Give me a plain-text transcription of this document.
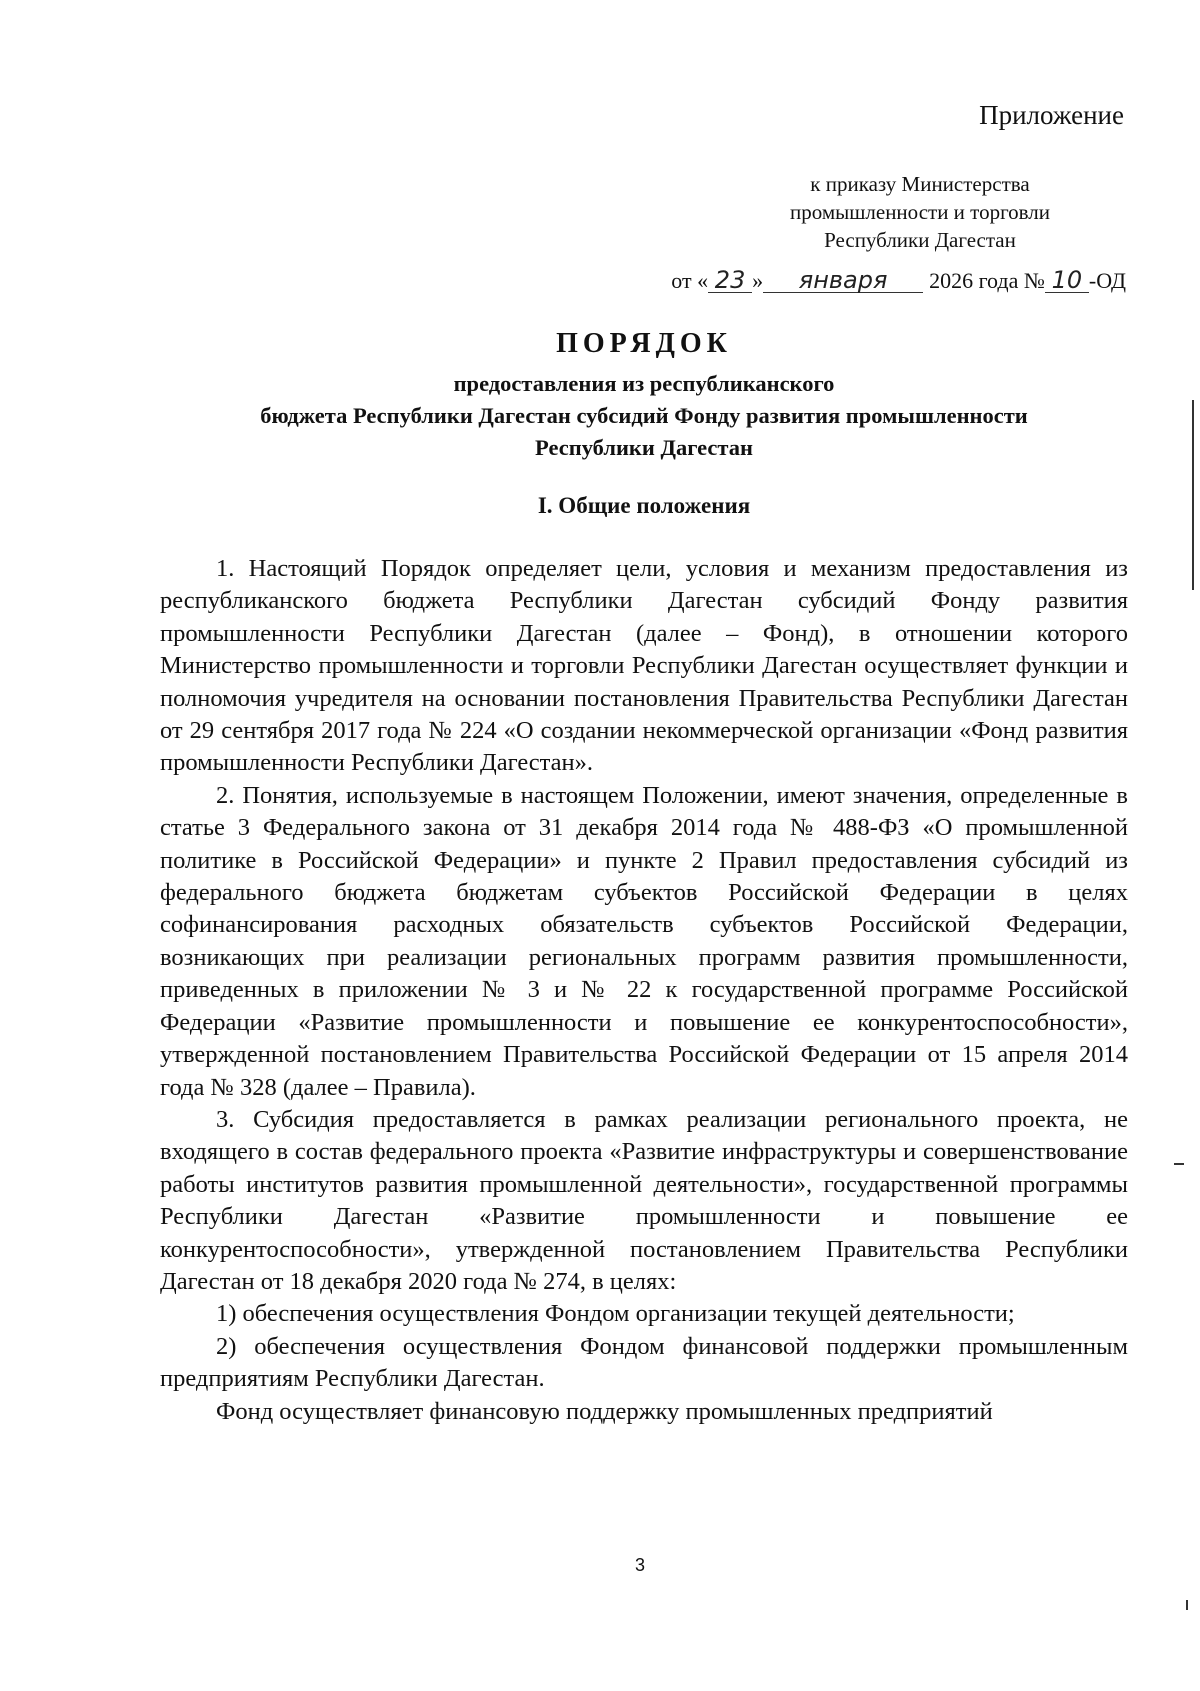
Приложение
к приказу Министерства
промышленности и торговли
Республики Дагестан
от « 23 »	января	2026 года № 10 -ОД
ПОРЯДОК
предоставления из республиканского
бюджета Республики Дагестан субсидий Фонду развития промышленности
Республики Дагестан
I. Общие положения

1. Настоящий Порядок определяет цели, условия и механизм предоставления из республиканского бюджета Республики Дагестан субсидий Фонду развития промышленности Республики Дагестан (далее – Фонд), в отношении которого Министерство промышленности и торговли Республики Дагестан осуществляет функции и полномочия учредителя на основании постановления Правительства Республики Дагестан от 29 сентября 2017 года № 224 «О создании некоммерческой организации «Фонд развития промышленности Республики Дагестан».

2. Понятия, используемые в настоящем Положении, имеют значения, определенные в статье 3 Федерального закона от 31 декабря 2014 года № 488-ФЗ «О промышленной политике в Российской Федерации» и пункте 2 Правил предоставления субсидий из федерального бюджета бюджетам субъектов Российской Федерации в целях софинансирования расходных обязательств субъектов Российской Федерации, возникающих при реализации региональных программ развития промышленности, приведенных в приложении № 3 и № 22 к государственной программе Российской Федерации «Развитие промышленности и повышение ее конкурентоспособности», утвержденной постановлением Правительства Российской Федерации от 15 апреля 2014 года № 328 (далее – Правила).

3. Субсидия предоставляется в рамках реализации регионального проекта, не входящего в состав федерального проекта «Развитие инфраструктуры и совершенствование работы институтов развития промышленной деятельности», государственной программы Республики Дагестан «Развитие промышленности и повышение ее конкурентоспособности», утвержденной постановлением Правительства Республики Дагестан от 18 декабря 2020 года № 274, в целях:

1) обеспечения осуществления Фондом организации текущей деятельности;

2) обеспечения осуществления Фондом финансовой поддержки промышленным предприятиям Республики Дагестан.

Фонд осуществляет финансовую поддержку промышленных предприятий

3
